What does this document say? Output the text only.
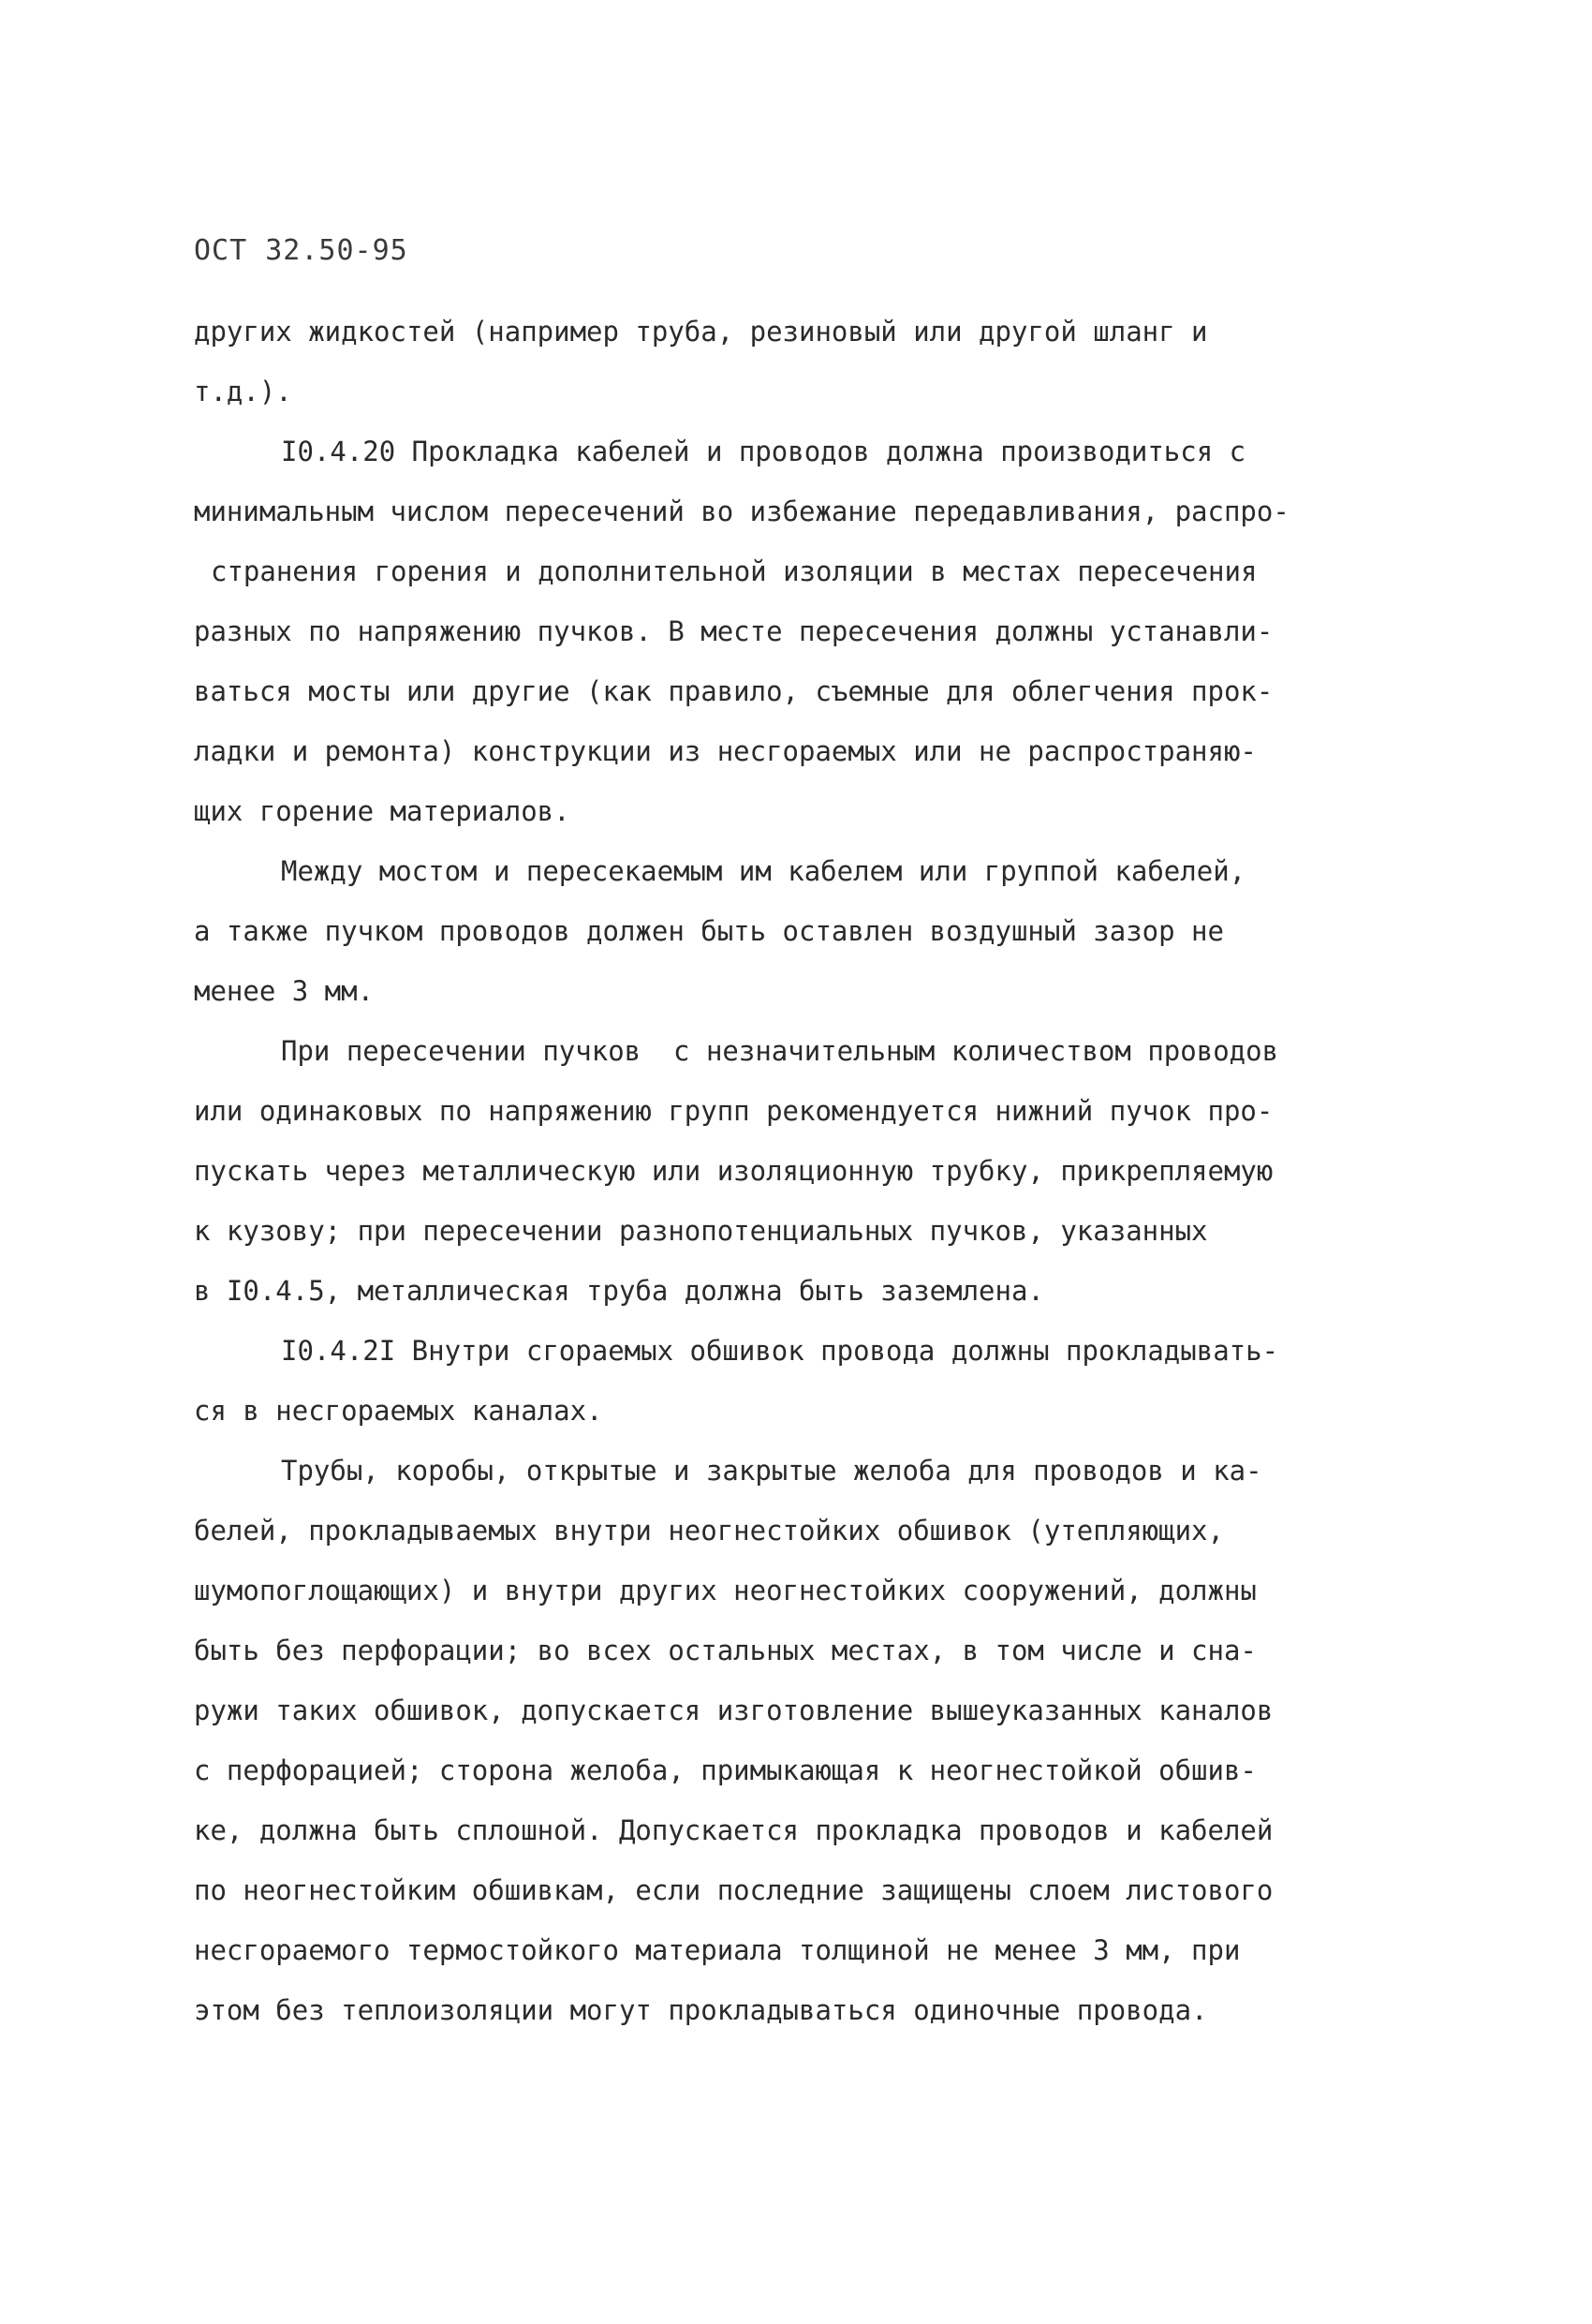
ОСТ 32.50-95
других жидкостей (например труба, резиновый или другой шланг и
т.д.).
I0.4.20 Прокладка кабелей и проводов должна производиться с
минимальным числом пересечений во избежание передавливания, распро-
странения горения и дополнительной изоляции в местах пересечения
разных по напряжению пучков. В месте пересечения должны устанавли-
ваться мосты или другие (как правило, съемные для облегчения прок-
ладки и ремонта) конструкции из несгораемых или не распространяю-
щих горение материалов.
Между мостом и пересекаемым им кабелем или группой кабелей,
а также пучком проводов должен быть оставлен воздушный зазор не
менее 3 мм.
При пересечении пучков  с незначительным количеством проводов
или одинаковых по напряжению групп рекомендуется нижний пучок про-
пускать через металлическую или изоляционную трубку, прикрепляемую
к кузову; при пересечении разнопотенциальных пучков, указанных
в I0.4.5, металлическая труба должна быть заземлена.
I0.4.2I Внутри сгораемых обшивок провода должны прокладывать-
ся в несгораемых каналах.
Трубы, коробы, открытые и закрытые желоба для проводов и ка-
белей, прокладываемых внутри неогнестойких обшивок (утепляющих,
шумопоглощающих) и внутри других неогнестойких сооружений, должны
быть без перфорации; во всех остальных местах, в том числе и сна-
ружи таких обшивок, допускается изготовление вышеуказанных каналов
с перфорацией; сторона желоба, примыкающая к неогнестойкой обшив-
ке, должна быть сплошной. Допускается прокладка проводов и кабелей
по неогнестойким обшивкам, если последние защищены слоем листового
несгораемого термостойкого материала толщиной не менее 3 мм, при
этом без теплоизоляции могут прокладываться одиночные провода.
